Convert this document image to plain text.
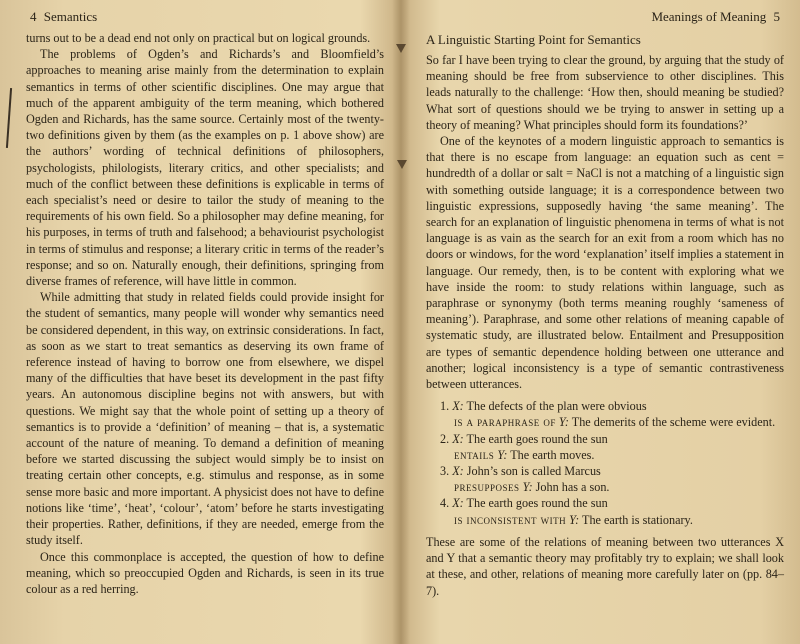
4 Semantics

turns out to be a dead end not only on practical but on logical grounds.

The problems of Ogden’s and Richards’s and Bloomfield’s approaches to meaning arise mainly from the determination to explain semantics in terms of other scientific disciplines. One may argue that much of the apparent ambiguity of the term meaning, which bothered Ogden and Richards, has the same source. Certainly most of the twenty-two definitions given by them (as the examples on p. 1 above show) are the authors’ wording of technical definitions of philosophers, psychologists, philologists, literary critics, and other specialists; and much of the conflict between these definitions is explicable in terms of each specialist’s need or desire to tailor the study of meaning to the requirements of his own field. So a philosopher may define meaning, for his purposes, in terms of truth and falsehood; a behaviourist psychologist in terms of stimulus and response; a literary critic in terms of the reader’s response; and so on. Naturally enough, their definitions, springing from diverse frames of reference, will have little in common.

While admitting that study in related fields could provide insight for the student of semantics, many people will wonder why semantics need be considered dependent, in this way, on extrinsic considerations. In fact, as soon as we start to treat semantics as deserving its own frame of reference instead of having to borrow one from elsewhere, we dispel many of the difficulties that have beset its development in the past fifty years. An autonomous discipline begins not with answers, but with questions. We might say that the whole point of setting up a theory of semantics is to provide a ‘definition’ of meaning – that is, a systematic account of the nature of meaning. To demand a definition of meaning before we started discussing the subject would simply be to insist on treating certain other concepts, e.g. stimulus and response, as in some sense more basic and more important. A physicist does not have to define notions like ‘time’, ‘heat’, ‘colour’, ‘atom’ before he starts investigating their properties. Rather, definitions, if they are needed, emerge from the study itself.

Once this commonplace is accepted, the question of how to define meaning, which so preoccupied Ogden and Richards, is seen in its true colour as a red herring.

Meanings of Meaning 5
A Linguistic Starting Point for Semantics

So far I have been trying to clear the ground, by arguing that the study of meaning should be free from subservience to other disciplines. This leads naturally to the challenge: ‘How then, should meaning be studied? What sort of questions should we be trying to answer in setting up a theory of meaning? What principles should form its foundations?’

One of the keynotes of a modern linguistic approach to semantics is that there is no escape from language: an equation such as cent = hundredth of a dollar or salt = NaCl is not a matching of a linguistic sign with something outside language; it is a correspondence between two linguistic expressions, supposedly having ‘the same meaning’. The search for an explanation of linguistic phenomena in terms of what is not language is as vain as the search for an exit from a room which has no doors or windows, for the word ‘explanation’ itself implies a statement in language. Our remedy, then, is to be content with exploring what we have inside the room: to study relations within language, such as paraphrase or synonymy (both terms meaning roughly ‘sameness of meaning’). Paraphrase, and some other relations of meaning capable of systematic study, are illustrated below. Entailment and Presupposition are types of semantic dependence holding between one utterance and another; logical inconsistency is a type of semantic contrastiveness between utterances.

1. X: The defects of the plan were obvious
is a paraphrase of Y: The demerits of the scheme were evident.
2. X: The earth goes round the sun
entails Y: The earth moves.
3. X: John’s son is called Marcus
presupposes Y: John has a son.
4. X: The earth goes round the sun
is inconsistent with Y: The earth is stationary.

These are some of the relations of meaning between two utterances X and Y that a semantic theory may profitably try to explain; we shall look at these, and other, relations of meaning more carefully later on (pp. 84–7).
